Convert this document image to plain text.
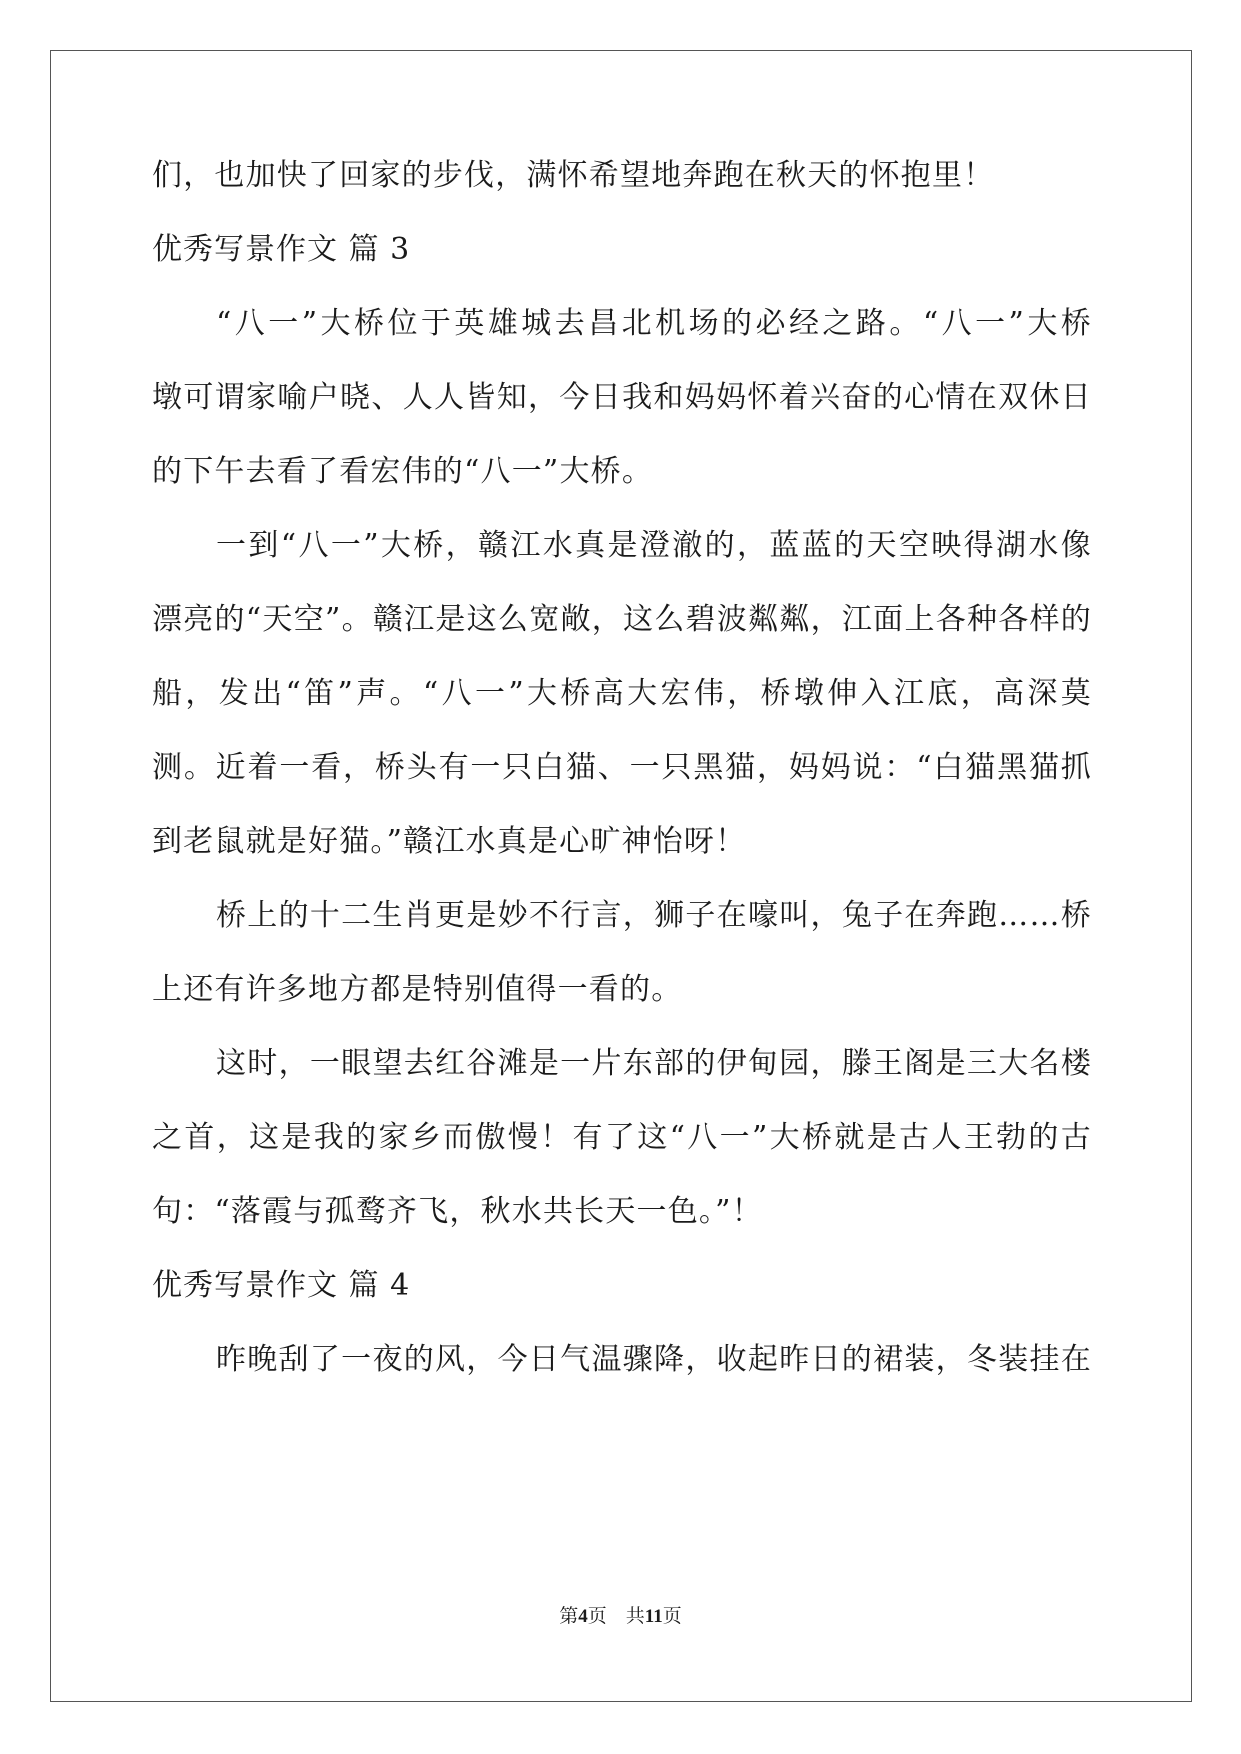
们，也加快了回家的步伐，满怀希望地奔跑在秋天的怀抱里！
优秀写景作文 篇 3
“八一”大桥位于英雄城去昌北机场的必经之路。“八一”大桥
墩可谓家喻户晓、人人皆知，今日我和妈妈怀着兴奋的心情在双休日
的下午去看了看宏伟的“八一”大桥。
一到“八一”大桥，赣江水真是澄澈的，蓝蓝的天空映得湖水像
漂亮的“天空”。赣江是这么宽敞，这么碧波粼粼，江面上各种各样的
船，发出“笛”声。“八一”大桥高大宏伟，桥墩伸入江底，高深莫
测。近着一看，桥头有一只白猫、一只黑猫，妈妈说：“白猫黑猫抓
到老鼠就是好猫。”赣江水真是心旷神怡呀！
桥上的十二生肖更是妙不行言，狮子在嚎叫，兔子在奔跑……桥
上还有许多地方都是特别值得一看的。
这时，一眼望去红谷滩是一片东部的伊甸园，滕王阁是三大名楼
之首，这是我的家乡而傲慢！有了这“八一”大桥就是古人王勃的古
句：“落霞与孤鹜齐飞，秋水共长天一色。”！
优秀写景作文 篇 4
昨晚刮了一夜的风，今日气温骤降，收起昨日的裙装，冬装挂在
第4页　共11页
